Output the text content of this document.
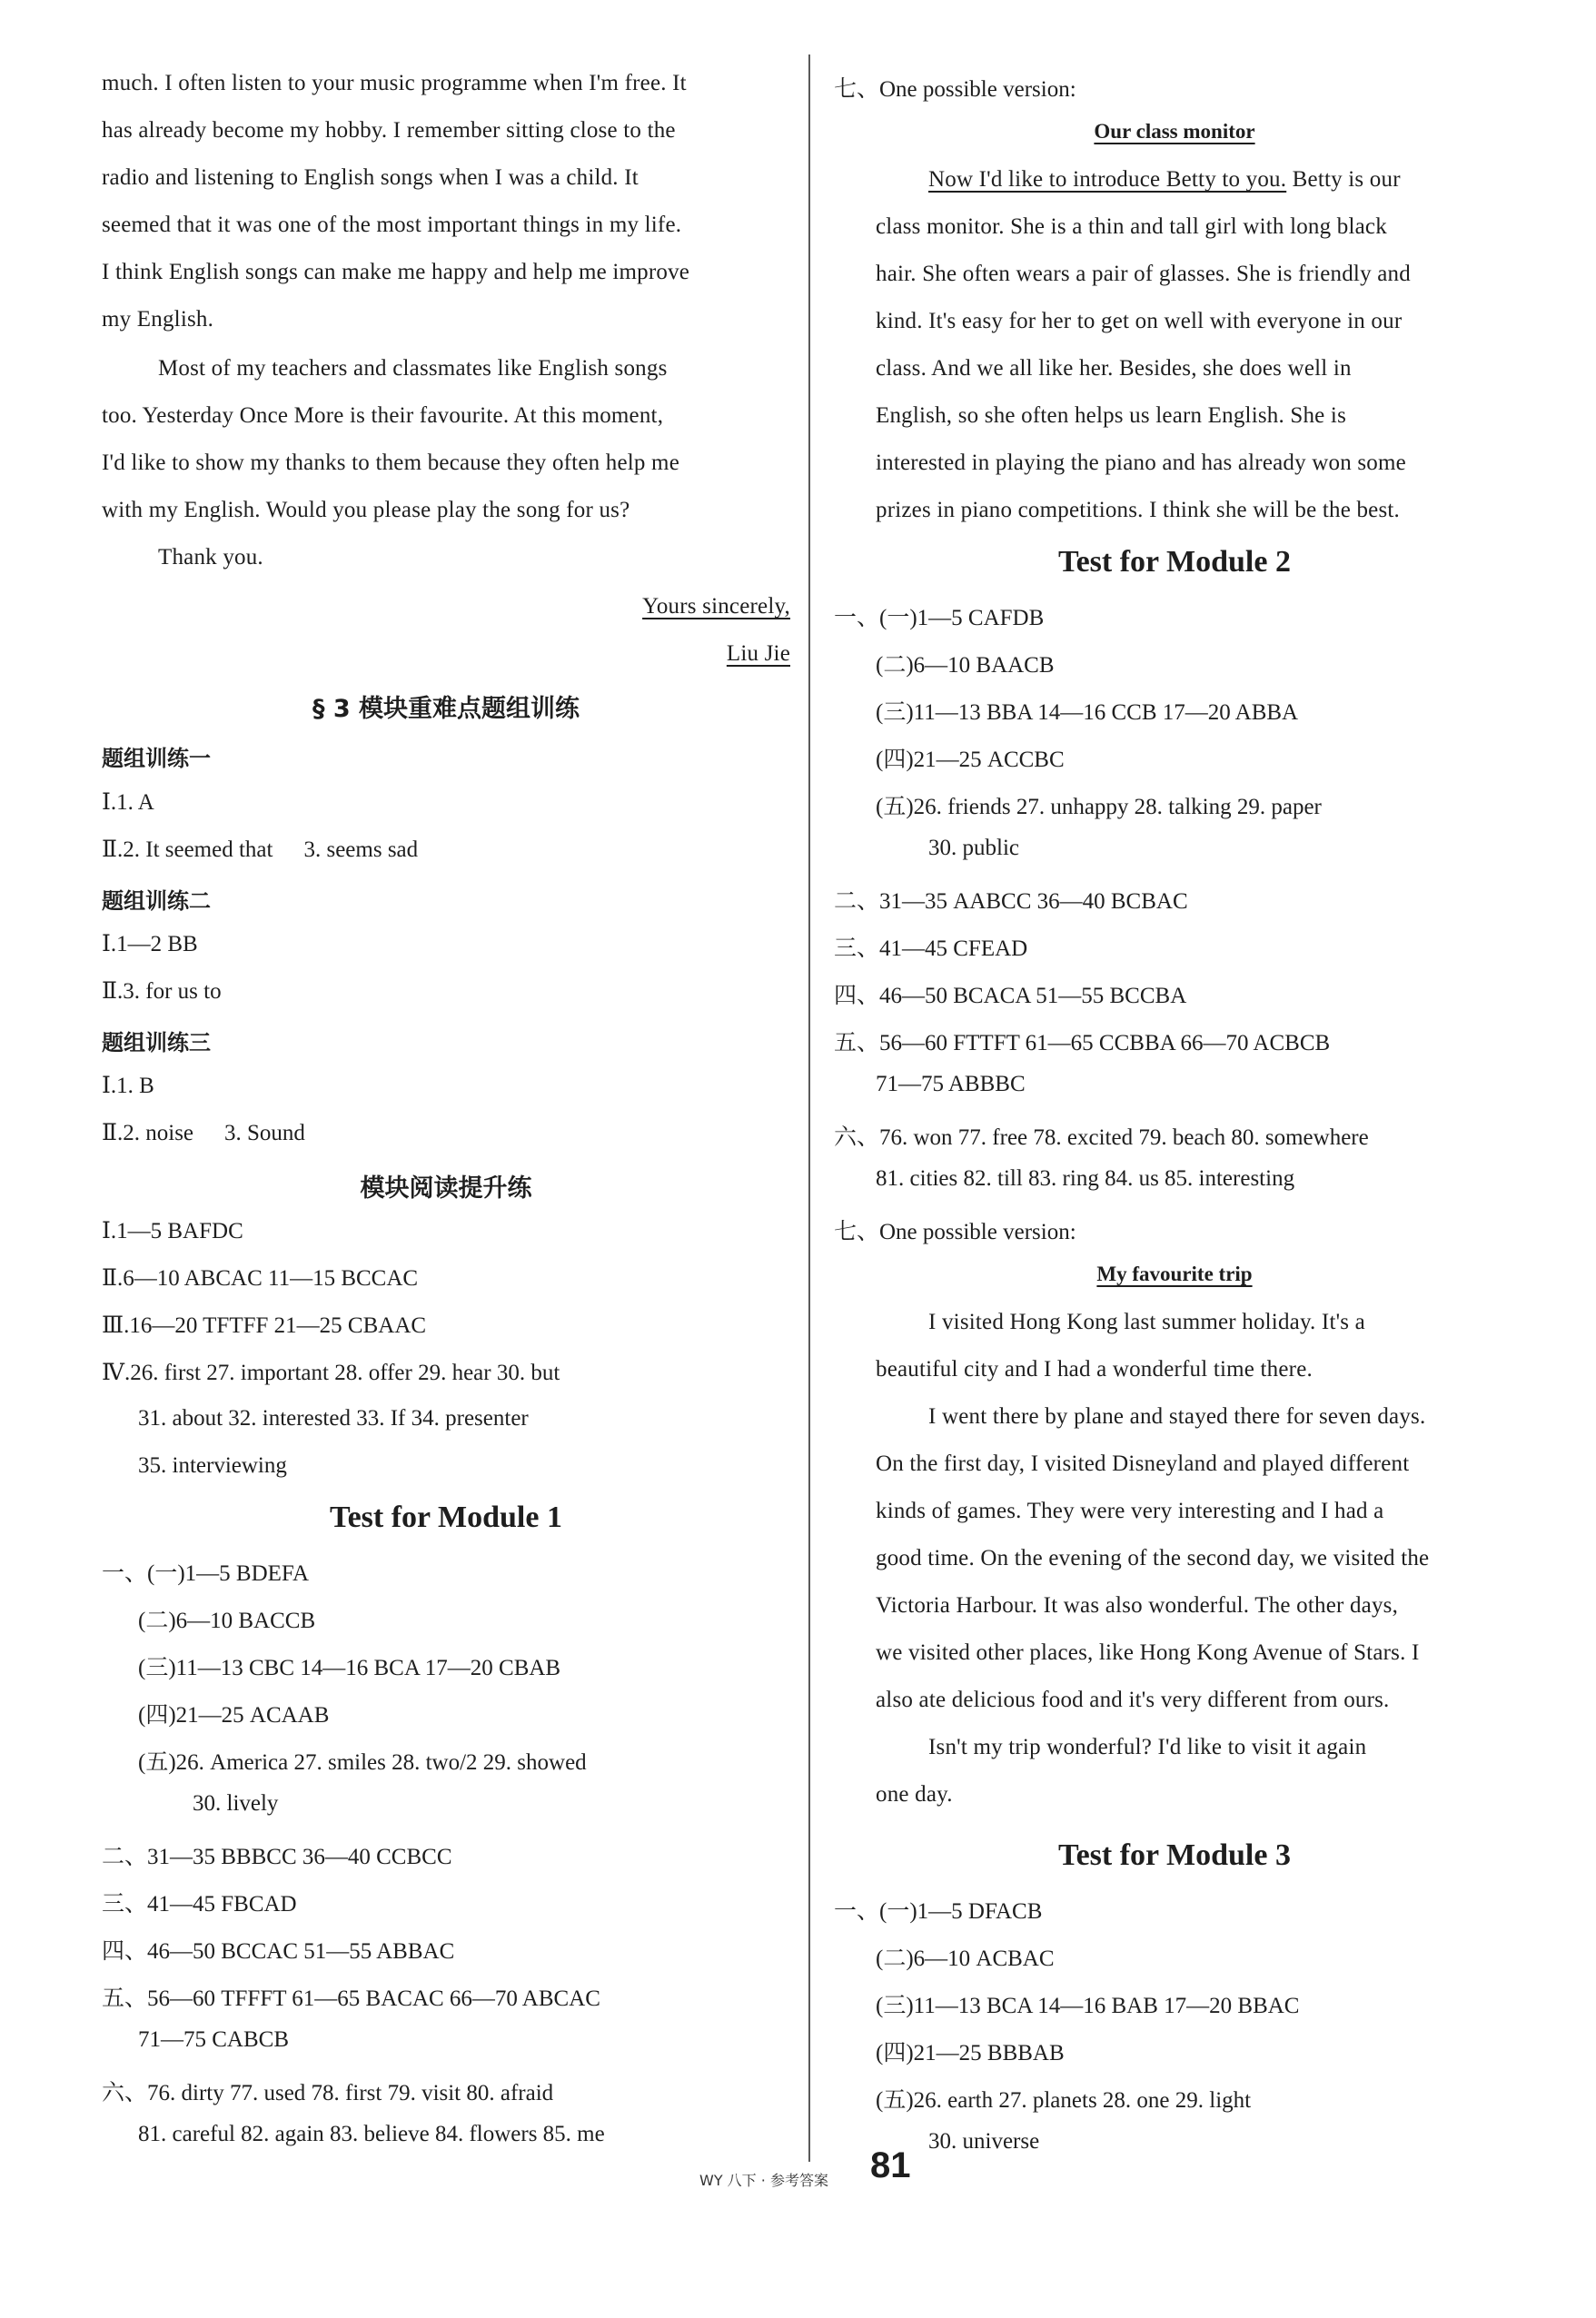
much. I often listen to your music programme when I'm free. It
has already become my hobby. I remember sitting close to the
radio and listening to English songs when I was a child. It
seemed that it was one of the most important things in my life.
I think English songs can make me happy and help me improve
my English.
Most of my teachers and classmates like English songs
too. Yesterday Once More is their favourite. At this moment,
I'd like to show my thanks to them because they often help me
with my English. Would you please play the song for us?
Thank you.
Yours sincerely,
Liu Jie
§ 3 模块重难点题组训练
题组训练一
Ⅰ.1. A
Ⅱ.2. It seemed that 3. seems sad
题组训练二
Ⅰ.1—2 BB
Ⅱ.3. for us to
题组训练三
Ⅰ.1. B
Ⅱ.2. noise 3. Sound
模块阅读提升练
Ⅰ.1—5 BAFDC
Ⅱ.6—10 ABCAC 11—15 BCCAC
Ⅲ.16—20 TFTFF 21—25 CBAAC
Ⅳ.26. first 27. important 28. offer 29. hear 30. but
31. about 32. interested 33. If 34. presenter
35. interviewing
Test for Module 1
一、(一)1—5 BDEFA
(二)6—10 BACCB
(三)11—13 CBC 14—16 BCA 17—20 CBAB
(四)21—25 ACAAB
(五)26. America 27. smiles 28. two/2 29. showed
30. lively
二、31—35 BBBCC 36—40 CCBCC
三、41—45 FBCAD
四、46—50 BCCAC 51—55 ABBAC
五、56—60 TFFFT 61—65 BACAC 66—70 ABCAC
71—75 CABCB
六、76. dirty 77. used 78. first 79. visit 80. afraid
81. careful 82. again 83. believe 84. flowers 85. me
七、One possible version:
Our class monitor
Now I'd like to introduce Betty to you. Betty is our
class monitor. She is a thin and tall girl with long black
hair. She often wears a pair of glasses. She is friendly and
kind. It's easy for her to get on well with everyone in our
class. And we all like her. Besides, she does well in
English, so she often helps us learn English. She is
interested in playing the piano and has already won some
prizes in piano competitions. I think she will be the best.
Test for Module 2
一、(一)1—5 CAFDB
(二)6—10 BAACB
(三)11—13 BBA 14—16 CCB 17—20 ABBA
(四)21—25 ACCBC
(五)26. friends 27. unhappy 28. talking 29. paper
30. public
二、31—35 AABCC 36—40 BCBAC
三、41—45 CFEAD
四、46—50 BCACA 51—55 BCCBA
五、56—60 FTTFT 61—65 CCBBA 66—70 ACBCB
71—75 ABBBC
六、76. won 77. free 78. excited 79. beach 80. somewhere
81. cities 82. till 83. ring 84. us 85. interesting
七、One possible version:
My favourite trip
I visited Hong Kong last summer holiday. It's a
beautiful city and I had a wonderful time there.
I went there by plane and stayed there for seven days.
On the first day, I visited Disneyland and played different
kinds of games. They were very interesting and I had a
good time. On the evening of the second day, we visited the
Victoria Harbour. It was also wonderful. The other days,
we visited other places, like Hong Kong Avenue of Stars. I
also ate delicious food and it's very different from ours.
Isn't my trip wonderful? I'd like to visit it again
one day.
Test for Module 3
一、(一)1—5 DFACB
(二)6—10 ACBAC
(三)11—13 BCA 14—16 BAB 17—20 BBAC
(四)21—25 BBBAB
(五)26. earth 27. planets 28. one 29. light
30. universe
WY 八下 · 参考答案 81
